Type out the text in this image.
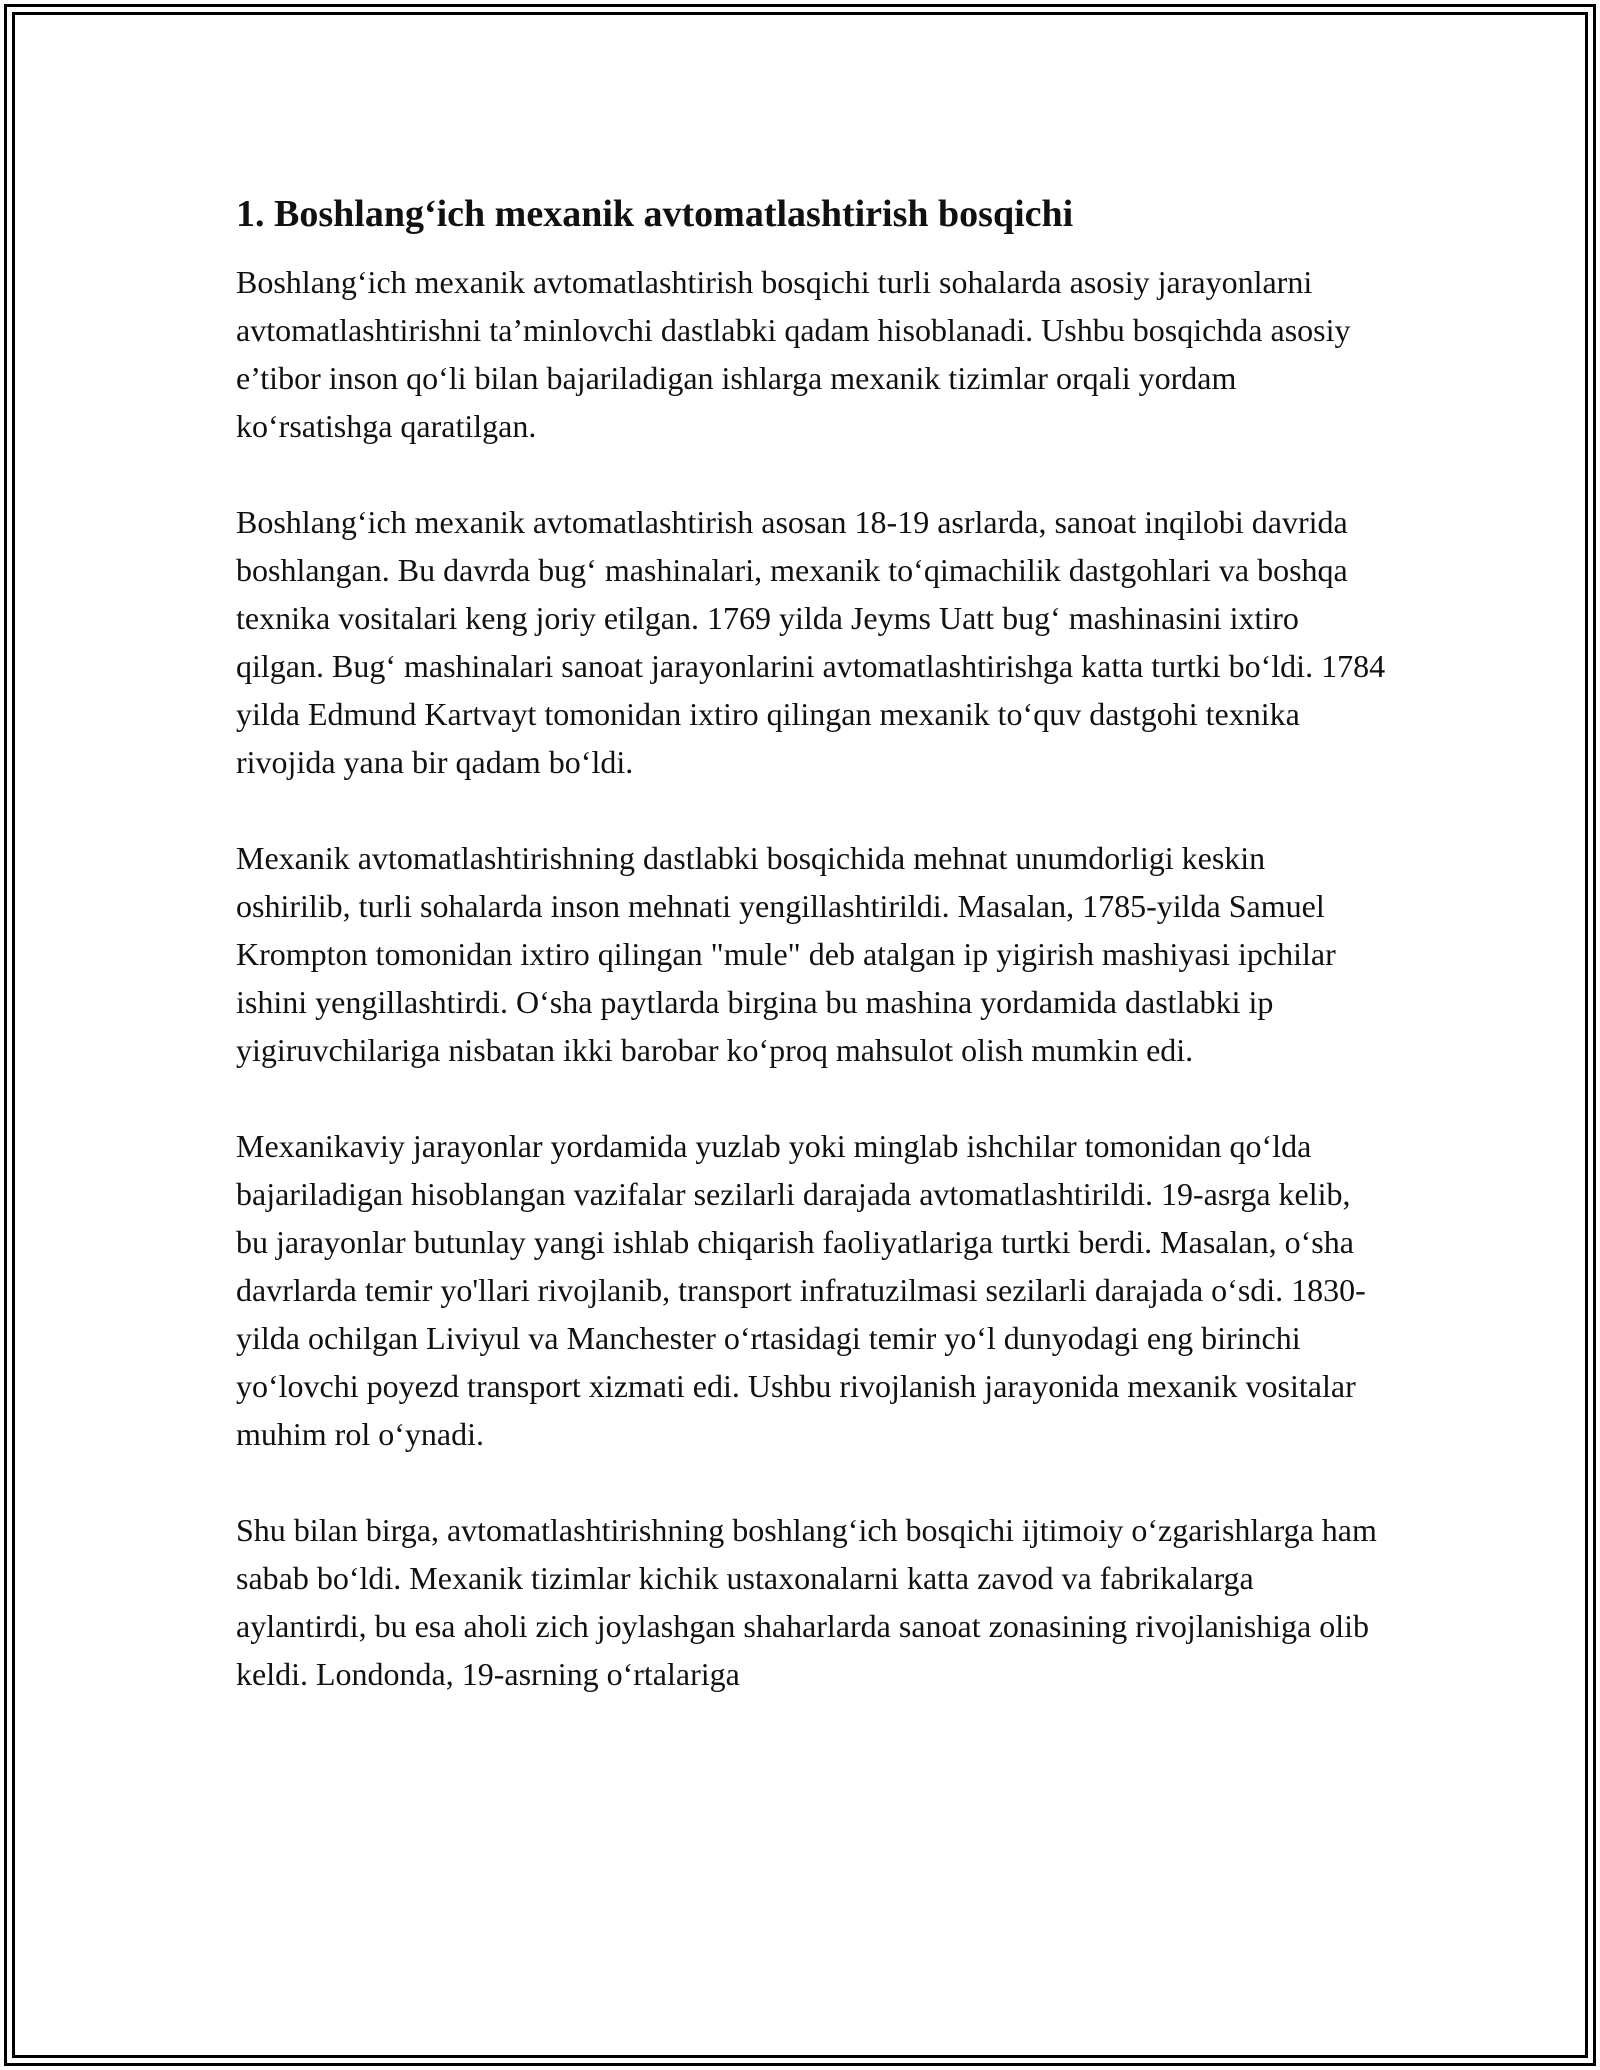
1. Boshlang‘ich mexanik avtomatlashtirish bosqichi

Boshlang‘ich mexanik avtomatlashtirish bosqichi turli sohalarda asosiy jarayonlarni avtomatlashtirishni ta’minlovchi dastlabki qadam hisoblanadi. Ushbu bosqichda asosiy e’tibor inson qo‘li bilan bajariladigan ishlarga mexanik tizimlar orqali yordam ko‘rsatishga qaratilgan.

Boshlang‘ich mexanik avtomatlashtirish asosan 18-19 asrlarda, sanoat inqilobi davrida boshlangan. Bu davrda bug‘ mashinalari, mexanik to‘qimachilik dastgohlari va boshqa texnika vositalari keng joriy etilgan. 1769 yilda Jeyms Uatt bug‘ mashinasini ixtiro qilgan. Bug‘ mashinalari sanoat jarayonlarini avtomatlashtirishga katta turtki bo‘ldi. 1784 yilda Edmund Kartvayt tomonidan ixtiro qilingan mexanik to‘quv dastgohi texnika rivojida yana bir qadam bo‘ldi.

Mexanik avtomatlashtirishning dastlabki bosqichida mehnat unumdorligi keskin oshirilib, turli sohalarda inson mehnati yengillashtirildi. Masalan, 1785-yilda Samuel Krompton tomonidan ixtiro qilingan "mule" deb atalgan ip yigirish mashiyasi ipchilar ishini yengillashtirdi. O‘sha paytlarda birgina bu mashina yordamida dastlabki ip yigiruvchilariga nisbatan ikki barobar ko‘proq mahsulot olish mumkin edi.

Mexanikaviy jarayonlar yordamida yuzlab yoki minglab ishchilar tomonidan qo‘lda bajariladigan hisoblangan vazifalar sezilarli darajada avtomatlashtirildi. 19-asrga kelib, bu jarayonlar butunlay yangi ishlab chiqarish faoliyatlariga turtki berdi. Masalan, o‘sha davrlarda temir yo'llari rivojlanib, transport infratuzilmasi sezilarli darajada o‘sdi. 1830-yilda ochilgan Liviyul va Manchester o‘rtasidagi temir yo‘l dunyodagi eng birinchi yo‘lovchi poyezd transport xizmati edi. Ushbu rivojlanish jarayonida mexanik vositalar muhim rol o‘ynadi.

Shu bilan birga, avtomatlashtirishning boshlang‘ich bosqichi ijtimoiy o‘zgarishlarga ham sabab bo‘ldi. Mexanik tizimlar kichik ustaxonalarni katta zavod va fabrikalarga aylantirdi, bu esa aholi zich joylashgan shaharlarda sanoat zonasining rivojlanishiga olib keldi. Londonda, 19-asrning o‘rtalariga
